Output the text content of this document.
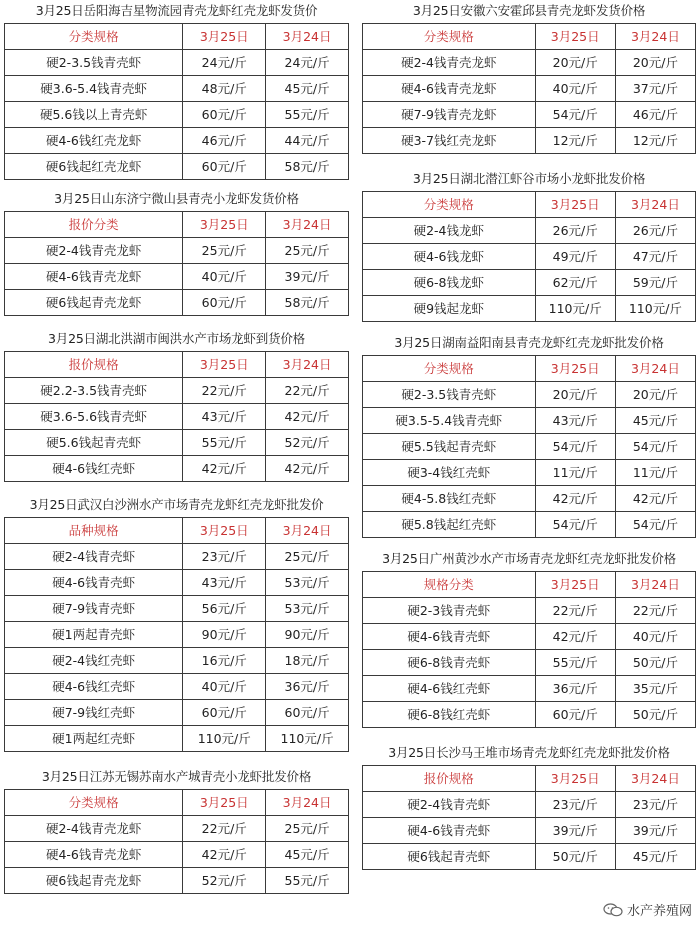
3月25日岳阳海吉星物流园青壳龙虾红壳龙虾发货价
分类规格	3月25日	3月24日
硬2-3.5钱青壳虾	24元/斤	24元/斤
硬3.6-5.4钱青壳虾	48元/斤	45元/斤
硬5.6钱以上青壳虾	60元/斤	55元/斤
硬4-6钱红壳龙虾	46元/斤	44元/斤
硬6钱起红壳龙虾	60元/斤	58元/斤
3月25日山东济宁微山县青壳小龙虾发货价格
报价分类	3月25日	3月24日
硬2-4钱青壳龙虾	25元/斤	25元/斤
硬4-6钱青壳龙虾	40元/斤	39元/斤
硬6钱起青壳龙虾	60元/斤	58元/斤
3月25日湖北洪湖市闽洪水产市场龙虾到货价格
报价规格	3月25日	3月24日
硬2.2-3.5钱青壳虾	22元/斤	22元/斤
硬3.6-5.6钱青壳虾	43元/斤	42元/斤
硬5.6钱起青壳虾	55元/斤	52元/斤
硬4-6钱红壳虾	42元/斤	42元/斤
3月25日武汉白沙洲水产市场青壳龙虾红壳龙虾批发价
品种规格	3月25日	3月24日
硬2-4钱青壳虾	23元/斤	25元/斤
硬4-6钱青壳虾	43元/斤	53元/斤
硬7-9钱青壳虾	56元/斤	53元/斤
硬1两起青壳虾	90元/斤	90元/斤
硬2-4钱红壳虾	16元/斤	18元/斤
硬4-6钱红壳虾	40元/斤	36元/斤
硬7-9钱红壳虾	60元/斤	60元/斤
硬1两起红壳虾	110元/斤	110元/斤
3月25日江苏无锡苏南水产城青壳小龙虾批发价格
分类规格	3月25日	3月24日
硬2-4钱青壳龙虾	22元/斤	25元/斤
硬4-6钱青壳龙虾	42元/斤	45元/斤
硬6钱起青壳龙虾	52元/斤	55元/斤
3月25日安徽六安霍邱县青壳龙虾发货价格
分类规格	3月25日	3月24日
硬2-4钱青壳龙虾	20元/斤	20元/斤
硬4-6钱青壳龙虾	40元/斤	37元/斤
硬7-9钱青壳龙虾	54元/斤	46元/斤
硬3-7钱红壳龙虾	12元/斤	12元/斤
3月25日湖北潜江虾谷市场小龙虾批发价格
分类规格	3月25日	3月24日
硬2-4钱龙虾	26元/斤	26元/斤
硬4-6钱龙虾	49元/斤	47元/斤
硬6-8钱龙虾	62元/斤	59元/斤
硬9钱起龙虾	110元/斤	110元/斤
3月25日湖南益阳南县青壳龙虾红壳龙虾批发价格
分类规格	3月25日	3月24日
硬2-3.5钱青壳虾	20元/斤	20元/斤
硬3.5-5.4钱青壳虾	43元/斤	45元/斤
硬5.5钱起青壳虾	54元/斤	54元/斤
硬3-4钱红壳虾	11元/斤	11元/斤
硬4-5.8钱红壳虾	42元/斤	42元/斤
硬5.8钱起红壳虾	54元/斤	54元/斤
3月25日广州黄沙水产市场青壳龙虾红壳龙虾批发价格
规格分类	3月25日	3月24日
硬2-3钱青壳虾	22元/斤	22元/斤
硬4-6钱青壳虾	42元/斤	40元/斤
硬6-8钱青壳虾	55元/斤	50元/斤
硬4-6钱红壳虾	36元/斤	35元/斤
硬6-8钱红壳虾	60元/斤	50元/斤
3月25日长沙马王堆市场青壳龙虾红壳龙虾批发价格
报价规格	3月25日	3月24日
硬2-4钱青壳虾	23元/斤	23元/斤
硬4-6钱青壳虾	39元/斤	39元/斤
硬6钱起青壳虾	50元/斤	45元/斤
水产养殖网
